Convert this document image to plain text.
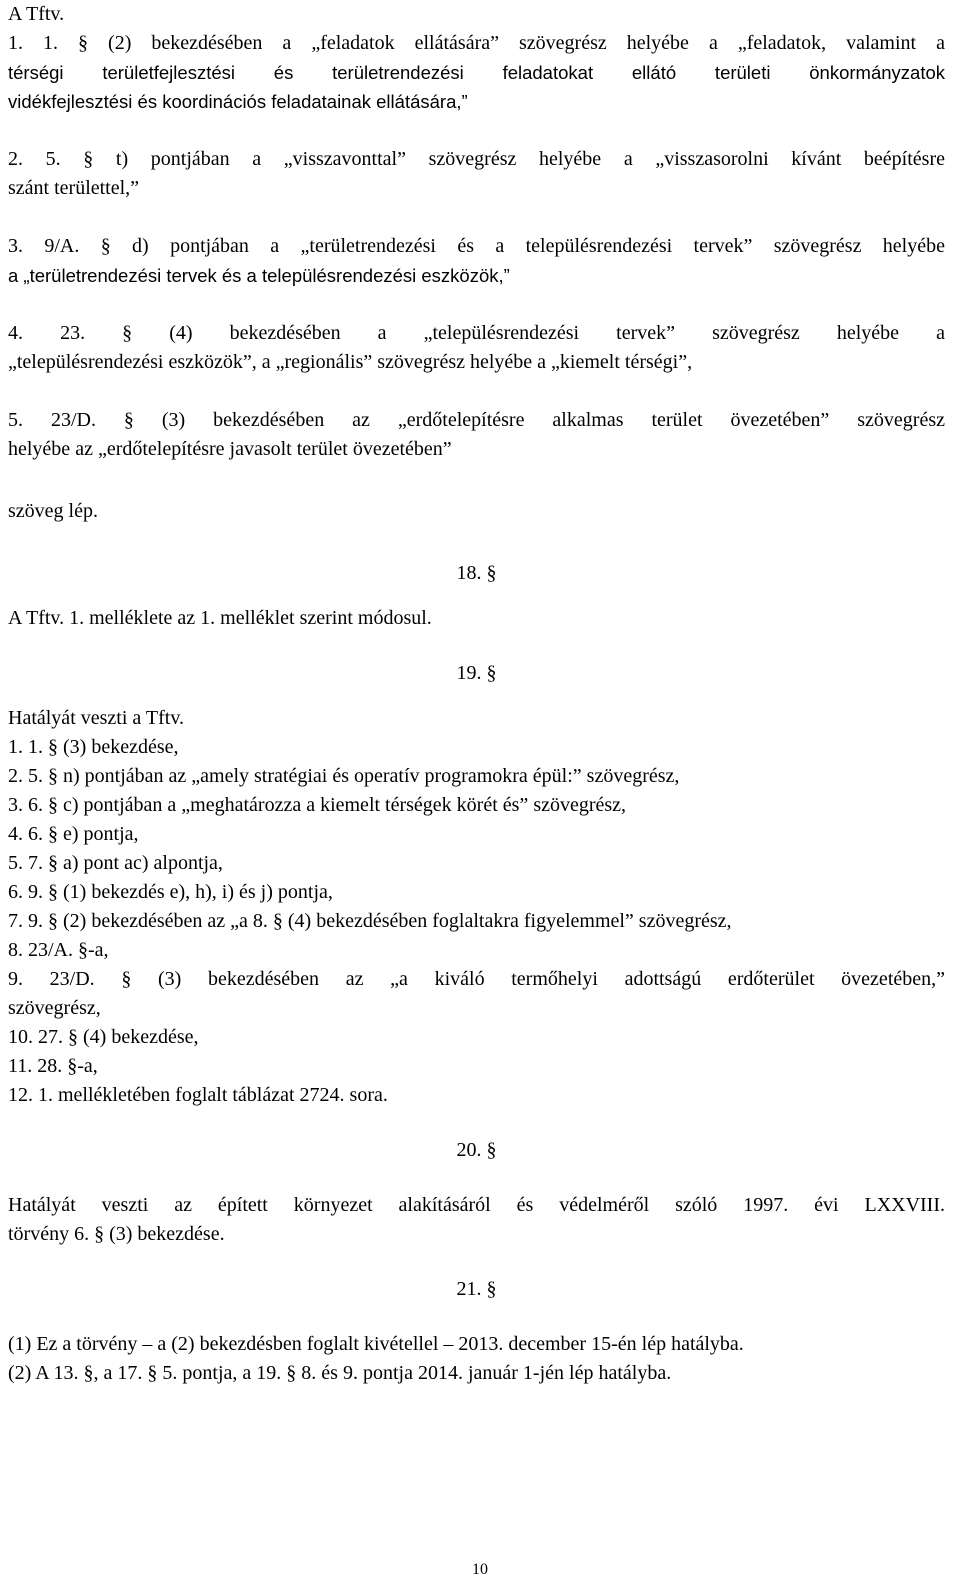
A Tftv.

1. 1. § (2) bekezdésében a „feladatok ellátására” szövegrész helyébe a „feladatok, valamint a

térségi területfejlesztési és területrendezési feladatokat ellátó területi önkormányzatok

vidékfejlesztési és koordinációs feladatainak ellátására,”

2. 5. § t) pontjában a „visszavonttal” szövegrész helyébe a „visszasorolni kívánt beépítésre

szánt területtel,”

3. 9/A. § d) pontjában a „területrendezési és a településrendezési tervek” szövegrész helyébe

a „területrendezési tervek és a településrendezési eszközök,”

4. 23. § (4) bekezdésében a „településrendezési tervek” szövegrész helyébe a

„településrendezési eszközök”, a „regionális” szövegrész helyébe a „kiemelt térségi”,

5. 23/D. § (3) bekezdésében az „erdőtelepítésre alkalmas terület övezetében” szövegrész

helyébe az „erdőtelepítésre javasolt terület övezetében”

szöveg lép.

18. §

A Tftv. 1. melléklete az 1. melléklet szerint módosul.

19. §

Hatályát veszti a Tftv.

1. 1. § (3) bekezdése,

2. 5. § n) pontjában az „amely stratégiai és operatív programokra épül:” szövegrész,

3. 6. § c) pontjában a „meghatározza a kiemelt térségek körét és” szövegrész,

4. 6. § e) pontja,

5. 7. § a) pont ac) alpontja,

6. 9. § (1) bekezdés e), h), i) és j) pontja,

7. 9. § (2) bekezdésében az „a 8. § (4) bekezdésében foglaltakra figyelemmel” szövegrész,

8. 23/A. §-a,

9. 23/D. § (3) bekezdésében az „a kiváló termőhelyi adottságú erdőterület övezetében,”

szövegrész,

10. 27. § (4) bekezdése,

11. 28. §-a,

12. 1. mellékletében foglalt táblázat 2724. sora.

20. §

Hatályát veszti az épített környezet alakításáról és védelméről szóló 1997. évi LXXVIII.

törvény 6. § (3) bekezdése.

21. §

(1) Ez a törvény – a (2) bekezdésben foglalt kivétellel – 2013. december 15-én lép hatályba.

(2) A 13. §, a 17. § 5. pontja, a 19. § 8. és 9. pontja 2014. január 1-jén lép hatályba.

10
